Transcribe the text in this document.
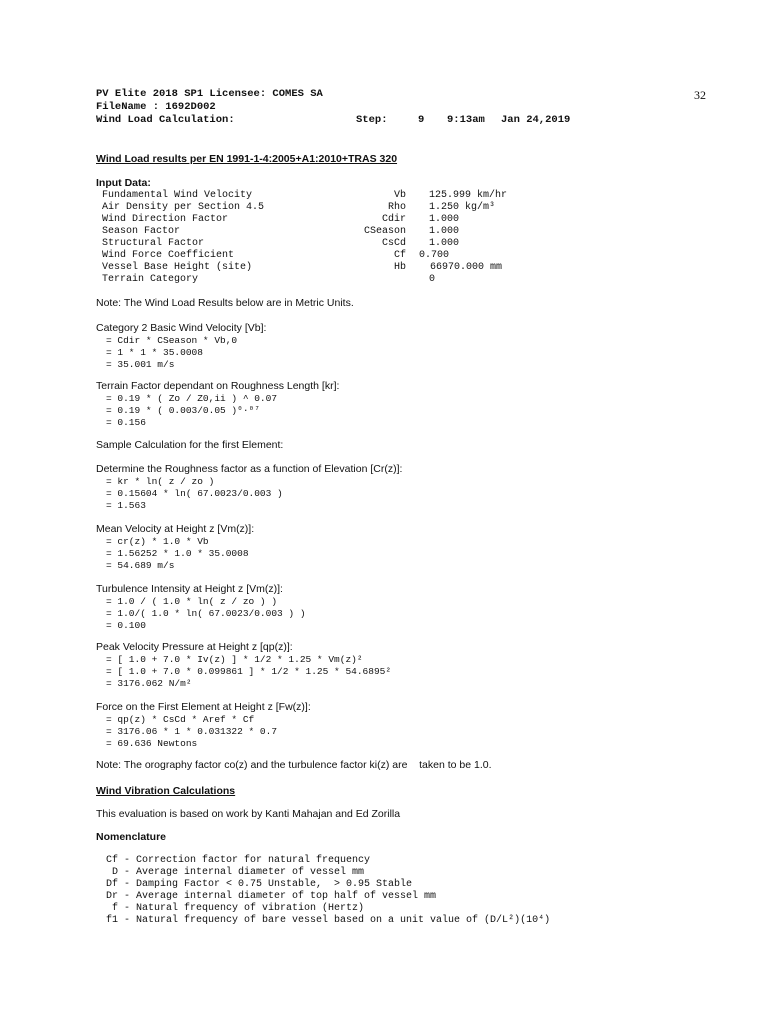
PV Elite 2018 SP1 Licensee: COMES SA
FileName : 1692D002
Wind Load Calculation:	Step:	9 9:13am Jan 24,2019
32
Wind Load results per EN 1991-1-4:2005+A1:2010+TRAS 320
Input Data:
Fundamental Wind Velocity	Vb 125.999 km/hr
Air Density per Section 4.5	Rho 1.250 kg/m³
Wind Direction Factor	Cdir 1.000
Season Factor	CSeason 1.000
Structural Factor	CsCd 1.000
Wind Force Coefficient	Cf 0.700
Vessel Base Height (site)	Hb 66970.000 mm
Terrain Category	0
Note: The Wind Load Results below are in Metric Units.
Category 2 Basic Wind Velocity [Vb]:
= Cdir * CSeason * Vb,0
= 1 * 1 * 35.0008
= 35.001 m/s
Terrain Factor dependant on Roughness Length [kr]:
= 0.19 * ( Zo / Z0,ii ) ^ 0.07
= 0.19 * ( 0.003/0.05 )⁰·⁰⁷
= 0.156
Sample Calculation for the first Element:
Determine the Roughness factor as a function of Elevation [Cr(z)]:
= kr * ln( z / zo )
= 0.15604 * ln( 67.0023/0.003 )
= 1.563
Mean Velocity at Height z [Vm(z)]:
= cr(z) * 1.0 * Vb
= 1.56252 * 1.0 * 35.0008
= 54.689 m/s
Turbulence Intensity at Height z [Vm(z)]:
= 1.0 / ( 1.0 * ln( z / zo ) )
= 1.0/( 1.0 * ln( 67.0023/0.003 ) )
= 0.100
Peak Velocity Pressure at Height z [qp(z)]:
= [ 1.0 + 7.0 * Iv(z) ] * 1/2 * 1.25 * Vm(z)²
= [ 1.0 + 7.0 * 0.099861 ] * 1/2 * 1.25 * 54.6895²
= 3176.062 N/m²
Force on the First Element at Height z [Fw(z)]:
= qp(z) * CsCd * Aref * Cf
= 3176.06 * 1 * 0.031322 * 0.7
= 69.636 Newtons
Note: The orography factor co(z) and the turbulence factor ki(z) are    taken to be 1.0.
Wind Vibration Calculations
This evaluation is based on work by Kanti Mahajan and Ed Zorilla
Nomenclature
Cf - Correction factor for natural frequency
D - Average internal diameter of vessel mm
Df - Damping Factor < 0.75 Unstable,  > 0.95 Stable
Dr - Average internal diameter of top half of vessel mm
f - Natural frequency of vibration (Hertz)
f1 - Natural frequency of bare vessel based on a unit value of (D/L²)(10⁴)
